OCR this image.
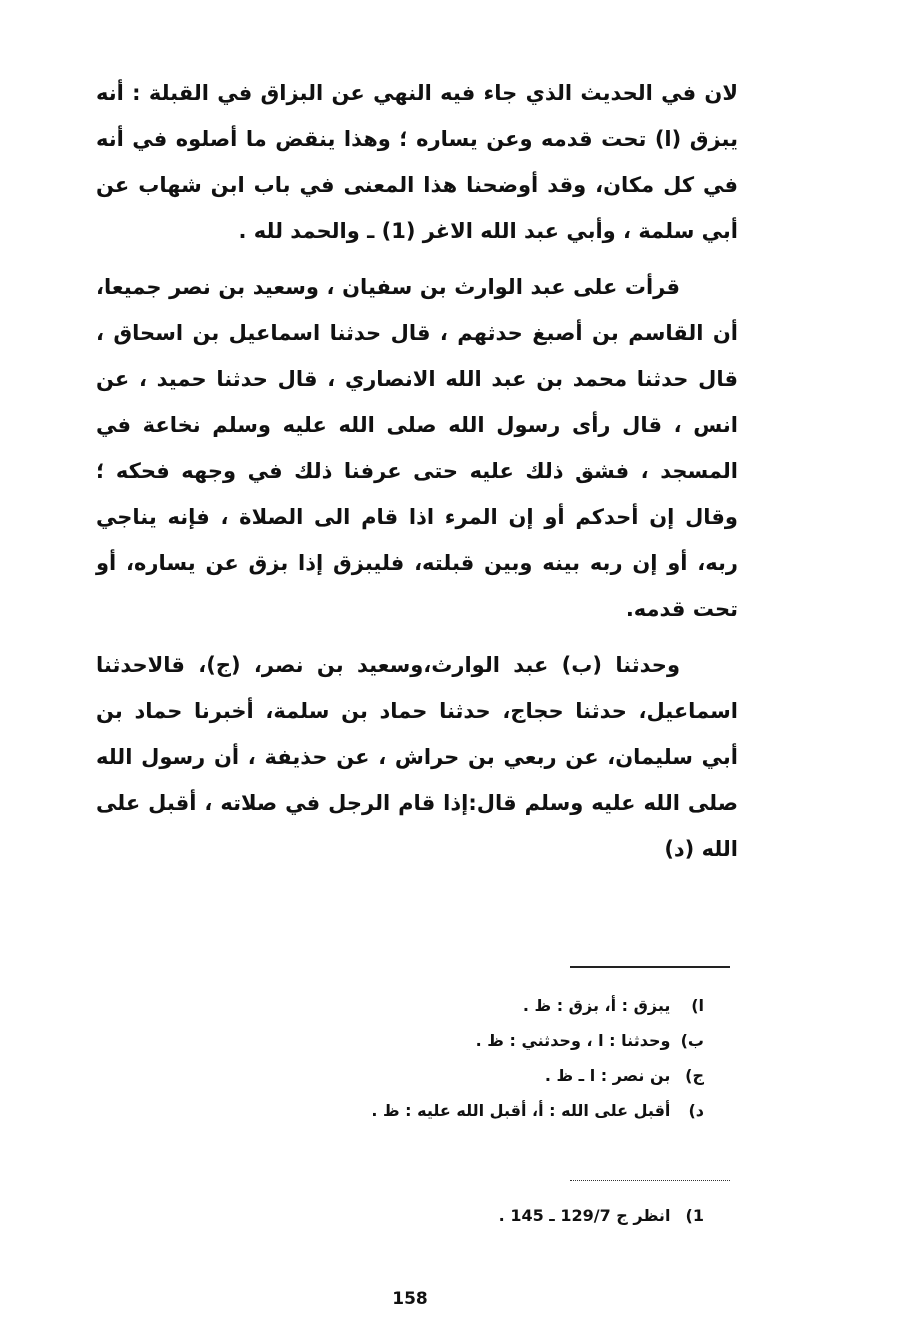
لان في الحديث الذي جاء فيه النهي عن البزاق في القبلة : أنه يبزق (ا) تحت قدمه وعن يساره ؛ وهذا ينقض ما أصلوه في أنه في كل مكان، وقد أوضحنا هذا المعنى في باب ابن شهاب عن أبي سلمة ، وأبي عبد الله الاغر (1) ـ والحمد لله .

قرأت على عبد الوارث بن سفيان ، وسعيد بن نصر جميعا، أن القاسم بن أصبغ حدثهم ، قال حدثنا اسماعيل بن اسحاق ، قال حدثنا محمد بن عبد الله الانصاري ، قال حدثنا حميد ، عن انس ، قال رأى رسول الله صلى الله عليه وسلم نخاعة في المسجد ، فشق ذلك عليه حتى عرفنا ذلك في وجهه فحكه ؛ وقال إن أحدكم أو إن المرء اذا قام الى الصلاة ، فإنه يناجي ربه، أو إن ربه بينه وبين قبلته، فليبزق إذا بزق عن يساره، أو تحت قدمه.

وحدثنا (ب) عبد الوارث،وسعيد بن نصر، (ج)، قالاحدثنا اسماعيل، حدثنا حجاج، حدثنا حماد بن سلمة، أخبرنا حماد بن أبي سليمان، عن ربعي بن حراش ، عن حذيفة ، أن رسول الله صلى الله عليه وسلم قال:إذا قام الرجل في صلاته ، أقبل على الله (د)

ا) يبزق : أ، بزق : ظ .
ب) وحدثنا : ا ، وحدثني : ظ .
ج) بن نصر : ا ـ ظ .
د) أقبل على الله : أ، أقبل الله عليه : ظ .
1) انظر ج 129/7 ـ 145 .
158
